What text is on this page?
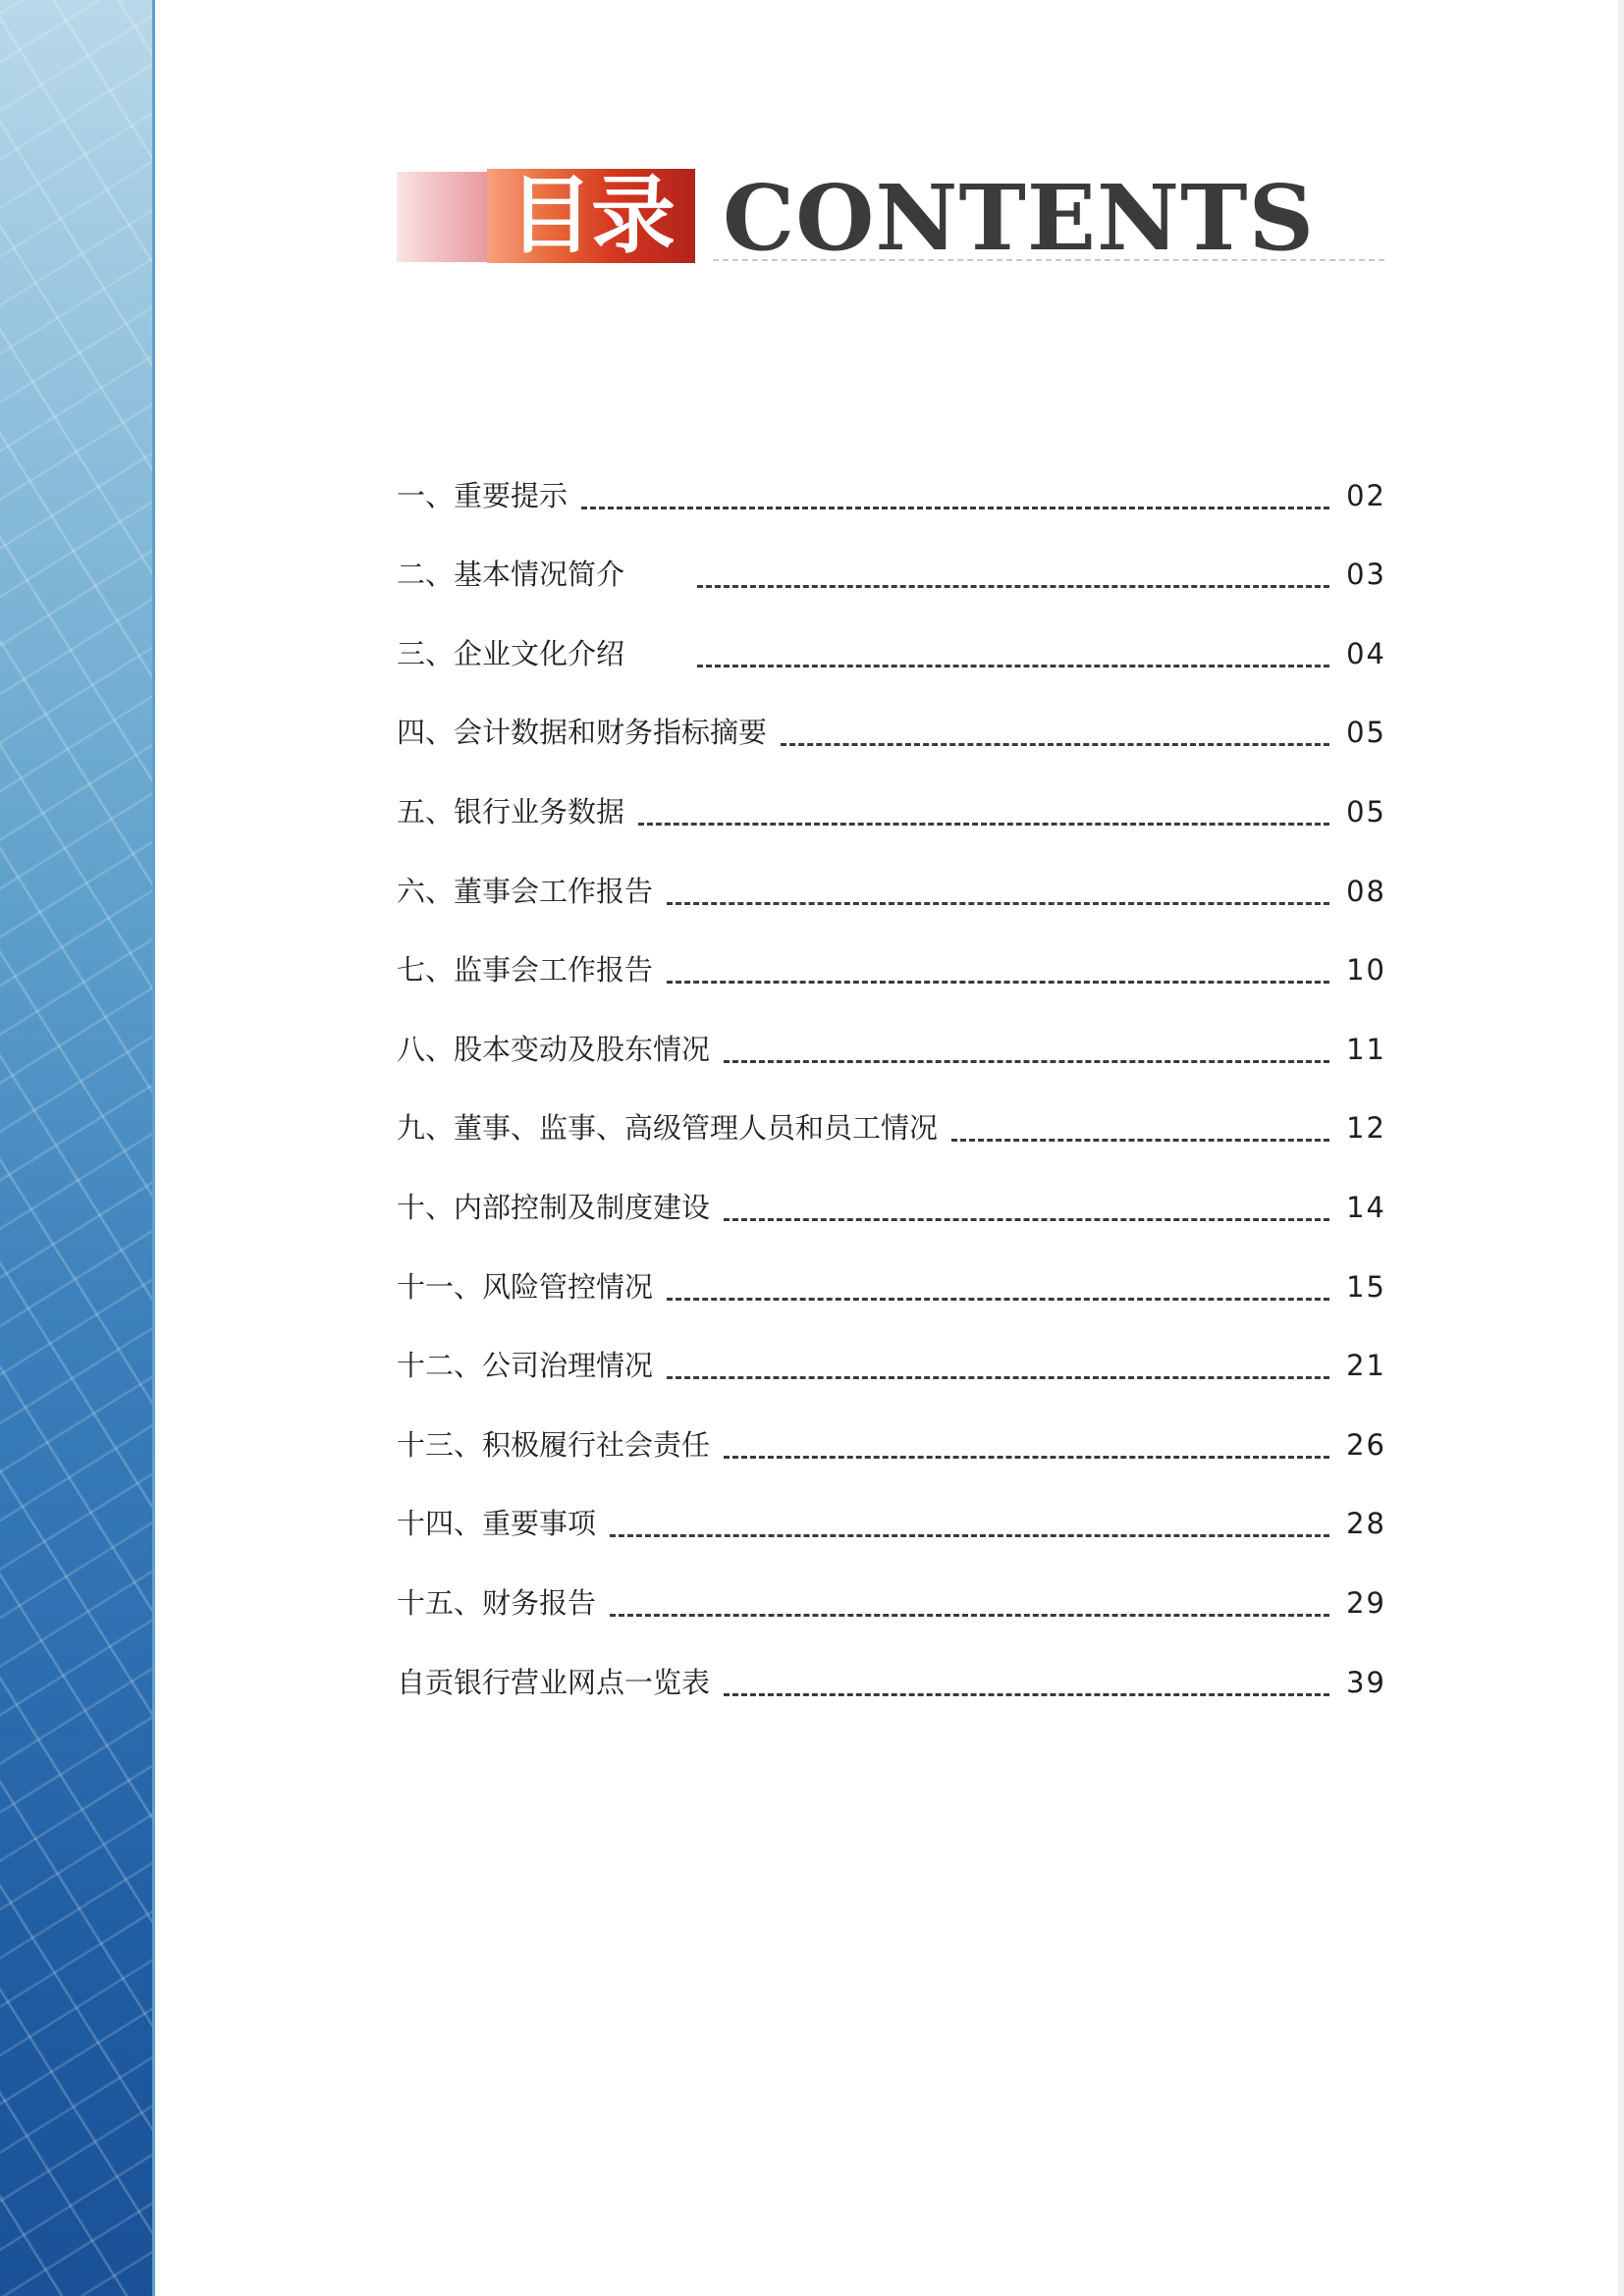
目录 CONTENTS
一、重要提示	02
二、基本情况简介	03
三、企业文化介绍	04
四、会计数据和财务指标摘要	05
五、银行业务数据	05
六、董事会工作报告	08
七、监事会工作报告	10
八、股本变动及股东情况	11
九、董事、监事、高级管理人员和员工情况	12
十、内部控制及制度建设	14
十一、风险管控情况	15
十二、公司治理情况	21
十三、积极履行社会责任	26
十四、重要事项	28
十五、财务报告	29
自贡银行营业网点一览表	39
